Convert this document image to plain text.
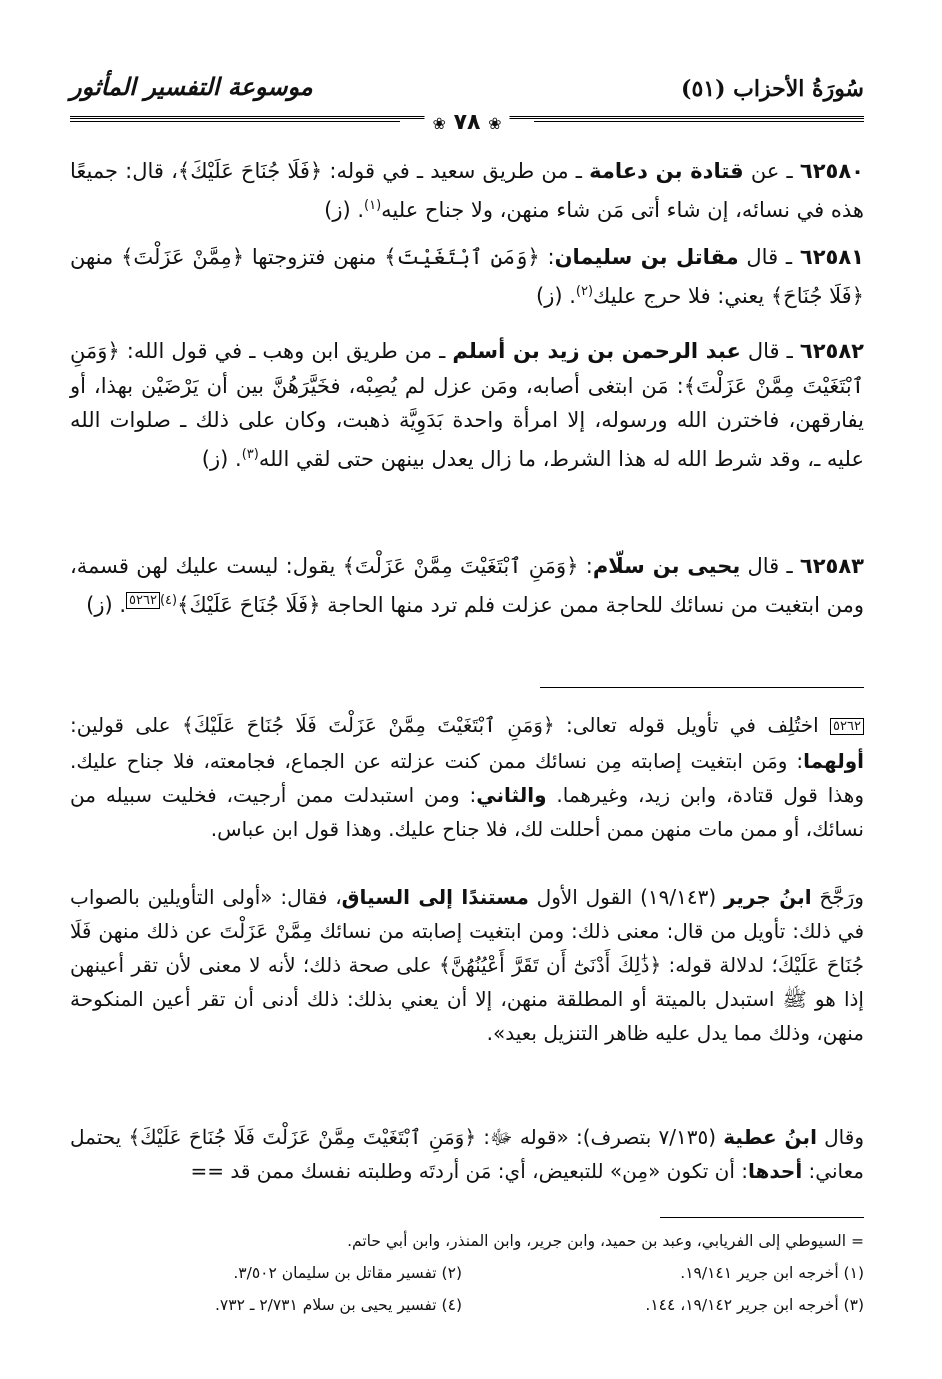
سُورَةُ الأحزاب (٥١)
موسوعة التفسير المأثور
❀ ٧٨ ❀
٦٢٥٨٠ ـ عن قتادة بن دعامة ـ من طريق سعيد ـ في قوله: ﴿فَلَا جُنَاحَ عَلَيْكَ﴾، قال: جميعًا هذه في نسائه، إن شاء أتى مَن شاء منهن، ولا جناح عليه$^{(١)}$. (ز)
٦٢٥٨١ ـ قال مقاتل بن سليمان: ﴿وَمَنِ ٱبْتَغَيْتَ﴾ منهن فتزوجتها ﴿مِمَّنْ عَزَلْتَ﴾ منهن ﴿فَلَا جُنَاحَ﴾ يعني: فلا حرج عليك$^{(٢)}$. (ز)
٦٢٥٨٢ ـ قال عبد الرحمن بن زيد بن أسلم ـ من طريق ابن وهب ـ في قول الله: ﴿وَمَنِ ٱبْتَغَيْتَ مِمَّنْ عَزَلْتَ﴾: مَن ابتغى أصابه، ومَن عزل لم يُصِبْه، فخَيَّرَهُنَّ بين أن يَرْضَيْن بهذا، أو يفارقهن، فاخترن الله ورسوله، إلا امرأة واحدة بَدَوِيَّة ذهبت، وكان على ذلك ـ صلوات الله عليه ـ، وقد شرط الله له هذا الشرط، ما زال يعدل بينهن حتى لقي الله$^{(٣)}$. (ز)
٦٢٥٨٣ ـ قال يحيى بن سلّام: ﴿وَمَنِ ٱبْتَغَيْتَ مِمَّنْ عَزَلْتَ﴾ يقول: ليست عليك لهن قسمة، ومن ابتغيت من نسائك للحاجة ممن عزلت فلم ترد منها الحاجة ﴿فَلَا جُنَاحَ عَلَيْكَ﴾$^{(٤)٥٢٦٢}$. (ز)
٥٢٦٢ اختُلِف في تأويل قوله تعالى: ﴿وَمَنِ ٱبْتَغَيْتَ مِمَّنْ عَزَلْتَ فَلَا جُنَاحَ عَلَيْكَ﴾ على قولين: أولهما: ومَن ابتغيت إصابته مِن نسائك ممن كنت عزلته عن الجماع، فجامعته، فلا جناح عليك. وهذا قول قتادة، وابن زيد، وغيرهما. والثاني: ومن استبدلت ممن أرجيت، فخليت سبيله من نسائك، أو ممن مات منهن ممن أحللت لك، فلا جناح عليك. وهذا قول ابن عباس.
ورَجَّحَ ابنُ جرير (١٩/١٤٣) القول الأول مستندًا إلى السياق، فقال: «أولى التأويلين بالصواب في ذلك: تأويل من قال: معنى ذلك: ومن ابتغيت إصابته من نسائك مِمَّنْ عَزَلْتَ عن ذلك منهن فَلَا جُنَاحَ عَلَيْكَ؛ لدلالة قوله: ﴿ذَٰلِكَ أَدْنَىٰٓ أَن تَقَرَّ أَعْيُنُهُنَّ﴾ على صحة ذلك؛ لأنه لا معنى لأن تقر أعينهن إذا هو ﷺ استبدل بالميتة أو المطلقة منهن، إلا أن يعني بذلك: ذلك أدنى أن تقر أعين المنكوحة منهن، وذلك مما يدل عليه ظاهر التنزيل بعيد».
وقال ابنُ عطية (٧/١٣٥ بتصرف): «قوله ﷻ: ﴿وَمَنِ ٱبْتَغَيْتَ مِمَّنْ عَزَلْتَ فَلَا جُنَاحَ عَلَيْكَ﴾ يحتمل معاني: أحدها: أن تكون «مِن» للتبعيض، أي: مَن أردتَه وطلبته نفسك ممن قد ==
= السيوطي إلى الفريابي، وعبد بن حميد، وابن جرير، وابن المنذر، وابن أبي حاتم.
(١) أخرجه ابن جرير ١٩/١٤١.
(٢) تفسير مقاتل بن سليمان ٣/٥٠٢.
(٣) أخرجه ابن جرير ١٩/١٤٢، ١٤٤.
(٤) تفسير يحيى بن سلام ٢/٧٣١ ـ ٧٣٢.
